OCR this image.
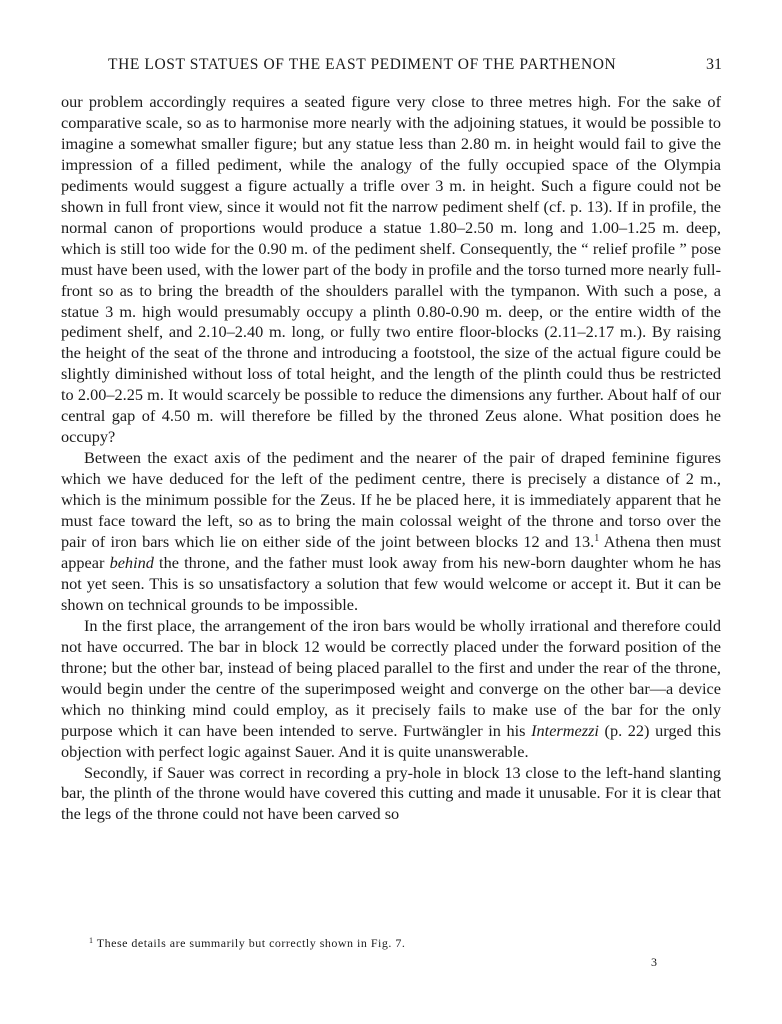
THE LOST STATUES OF THE EAST PEDIMENT OF THE PARTHENON	31

our problem accordingly requires a seated figure very close to three metres high. For the sake of comparative scale, so as to harmonise more nearly with the adjoining statues, it would be possible to imagine a somewhat smaller figure; but any statue less than 2.80 m. in height would fail to give the impression of a filled pediment, while the analogy of the fully occupied space of the Olympia pediments would suggest a figure actually a trifle over 3 m. in height. Such a figure could not be shown in full front view, since it would not fit the narrow pediment shelf (cf. p. 13). If in profile, the normal canon of proportions would produce a statue 1.80–2.50 m. long and 1.00–1.25 m. deep, which is still too wide for the 0.90 m. of the pediment shelf. Consequently, the “ relief profile ” pose must have been used, with the lower part of the body in profile and the torso turned more nearly full-front so as to bring the breadth of the shoulders parallel with the tympanon. With such a pose, a statue 3 m. high would presumably occupy a plinth 0.80-0.90 m. deep, or the entire width of the pediment shelf, and 2.10–2.40 m. long, or fully two entire floor-blocks (2.11–2.17 m.). By raising the height of the seat of the throne and introducing a footstool, the size of the actual figure could be slightly diminished without loss of total height, and the length of the plinth could thus be restricted to 2.00–2.25 m. It would scarcely be possible to reduce the dimensions any further. About half of our central gap of 4.50 m. will therefore be filled by the throned Zeus alone. What position does he occupy?

Between the exact axis of the pediment and the nearer of the pair of draped feminine figures which we have deduced for the left of the pediment centre, there is precisely a distance of 2 m., which is the minimum possible for the Zeus. If he be placed here, it is immediately apparent that he must face toward the left, so as to bring the main colossal weight of the throne and torso over the pair of iron bars which lie on either side of the joint between blocks 12 and 13.$^1$ Athena then must appear behind the throne, and the father must look away from his new-born daughter whom he has not yet seen. This is so unsatisfactory a solution that few would welcome or accept it. But it can be shown on technical grounds to be impossible.

In the first place, the arrangement of the iron bars would be wholly irrational and therefore could not have occurred. The bar in block 12 would be correctly placed under the forward position of the throne; but the other bar, instead of being placed parallel to the first and under the rear of the throne, would begin under the centre of the superimposed weight and converge on the other bar—a device which no thinking mind could employ, as it precisely fails to make use of the bar for the only purpose which it can have been intended to serve. Furtwängler in his Intermezzi (p. 22) urged this objection with perfect logic against Sauer. And it is quite unanswerable.

Secondly, if Sauer was correct in recording a pry-hole in block 13 close to the left-hand slanting bar, the plinth of the throne would have covered this cutting and made it unusable. For it is clear that the legs of the throne could not have been carved so

$^1$ These details are summarily but correctly shown in Fig. 7.
3
